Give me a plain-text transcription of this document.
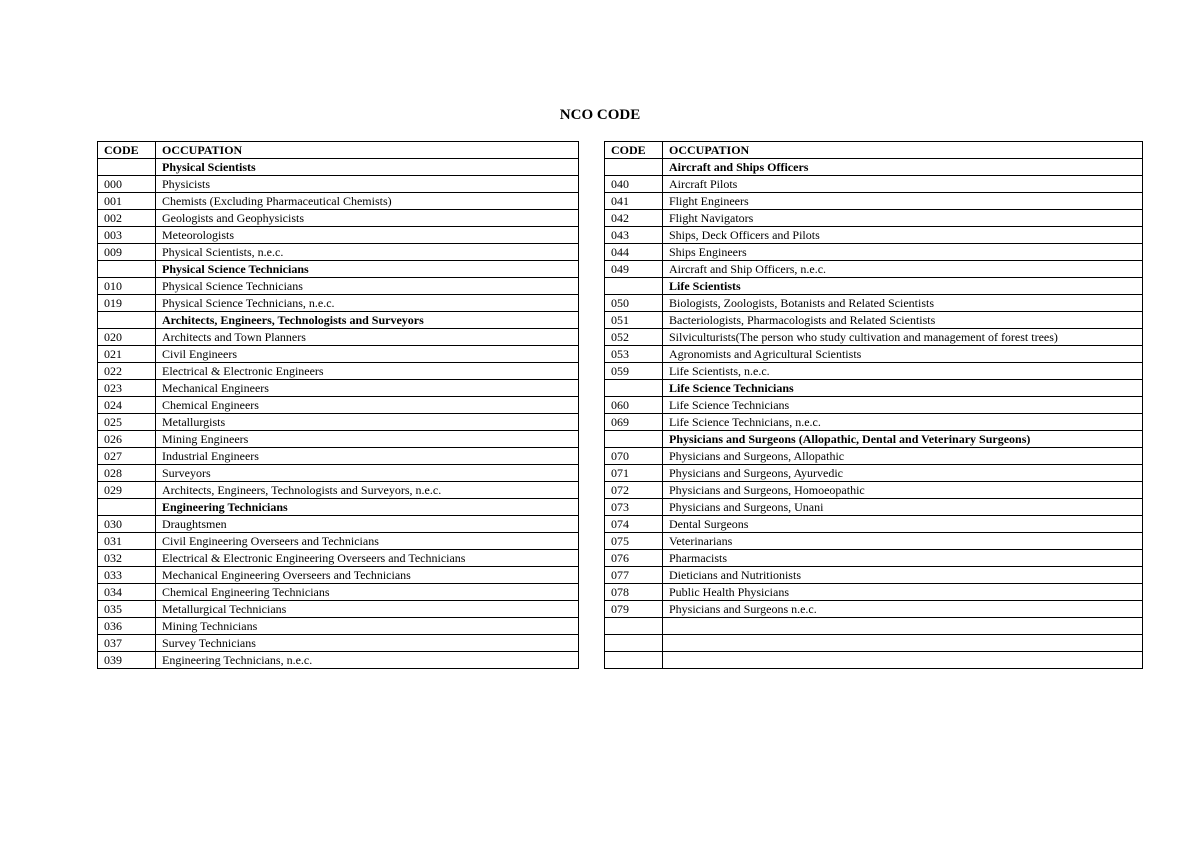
NCO CODE
CODE	OCCUPATION
	Physical Scientists
000	Physicists
001	Chemists (Excluding Pharmaceutical Chemists)
002	Geologists and Geophysicists
003	Meteorologists
009	Physical Scientists, n.e.c.
	Physical Science Technicians
010	Physical Science Technicians
019	Physical Science Technicians, n.e.c.
	Architects, Engineers, Technologists and Surveyors
020	Architects and Town Planners
021	Civil Engineers
022	Electrical & Electronic Engineers
023	Mechanical Engineers
024	Chemical Engineers
025	Metallurgists
026	Mining Engineers
027	Industrial Engineers
028	Surveyors
029	Architects, Engineers, Technologists and Surveyors, n.e.c.
	Engineering Technicians
030	Draughtsmen
031	Civil Engineering Overseers and Technicians
032	Electrical & Electronic Engineering Overseers and Technicians
033	Mechanical Engineering Overseers and Technicians
034	Chemical Engineering Technicians
035	Metallurgical Technicians
036	Mining Technicians
037	Survey Technicians
039	Engineering Technicians, n.e.c.
CODE	OCCUPATION
	Aircraft and Ships Officers
040	Aircraft Pilots
041	Flight Engineers
042	Flight Navigators
043	Ships, Deck Officers and Pilots
044	Ships Engineers
049	Aircraft and Ship Officers, n.e.c.
	Life Scientists
050	Biologists, Zoologists, Botanists and Related Scientists
051	Bacteriologists, Pharmacologists and Related Scientists
052	Silviculturists(The person who study cultivation and management of forest trees)
053	Agronomists and Agricultural Scientists
059	Life Scientists, n.e.c.
	Life Science Technicians
060	Life Science Technicians
069	Life Science Technicians, n.e.c.
	Physicians and Surgeons (Allopathic, Dental and Veterinary Surgeons)
070	Physicians and Surgeons, Allopathic
071	Physicians and Surgeons, Ayurvedic
072	Physicians and Surgeons, Homoeopathic
073	Physicians and Surgeons, Unani
074	Dental Surgeons
075	Veterinarians
076	Pharmacists
077	Dieticians and Nutritionists
078	Public Health Physicians
079	Physicians and Surgeons n.e.c.
